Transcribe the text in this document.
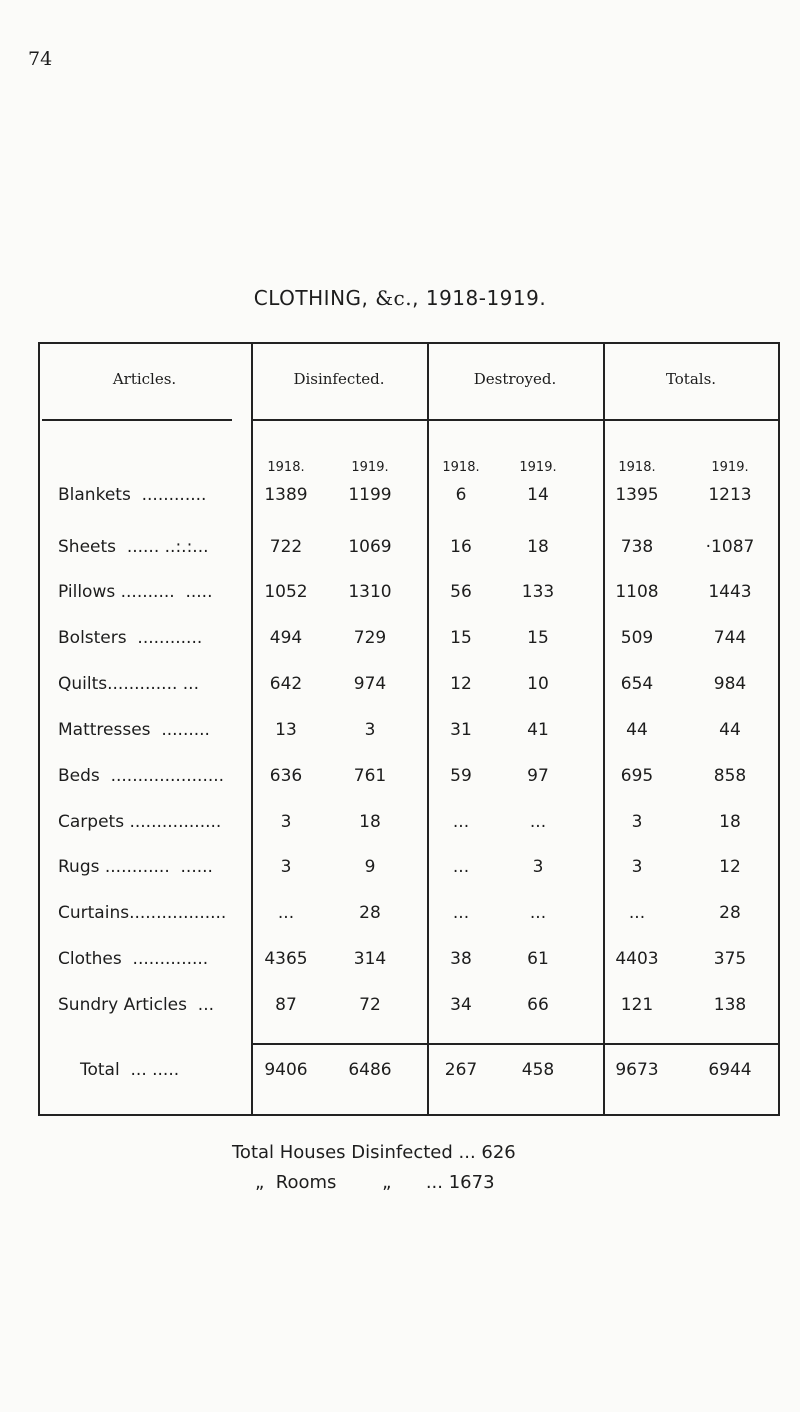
74
CLOTHING, &c., 1918-1919.
Articles.	Disinfected.	Destroyed.	Totals.
1918.	1919.	1918.	1919.	1918.	1919.
Blankets  ............	1389	1199	6	14	1395	1213
Sheets  ...... ..:.:...	722	1069	16	18	738	·1087
Pillows ..........  .....	1052	1310	56	133	1108	1443
Bolsters  ............	494	729	15	15	509	744
Quilts............. ...	642	974	12	10	654	984
Mattresses  .........	13	3	31	41	44	44
Beds  .....................	636	761	59	97	695	858
Carpets .................	3	18	...	...	3	18
Rugs ............  ......	3	9	...	3	3	12
Curtains..................	...	28	...	...	...	28
Clothes  ..............	4365	314	38	61	4403	375
Sundry Articles  ...	87	72	34	66	121	138
Total  ... .....	9406	6486	267	458	9673	6944
Total Houses Disinfected ... 626
„  Rooms        „      ... 1673
